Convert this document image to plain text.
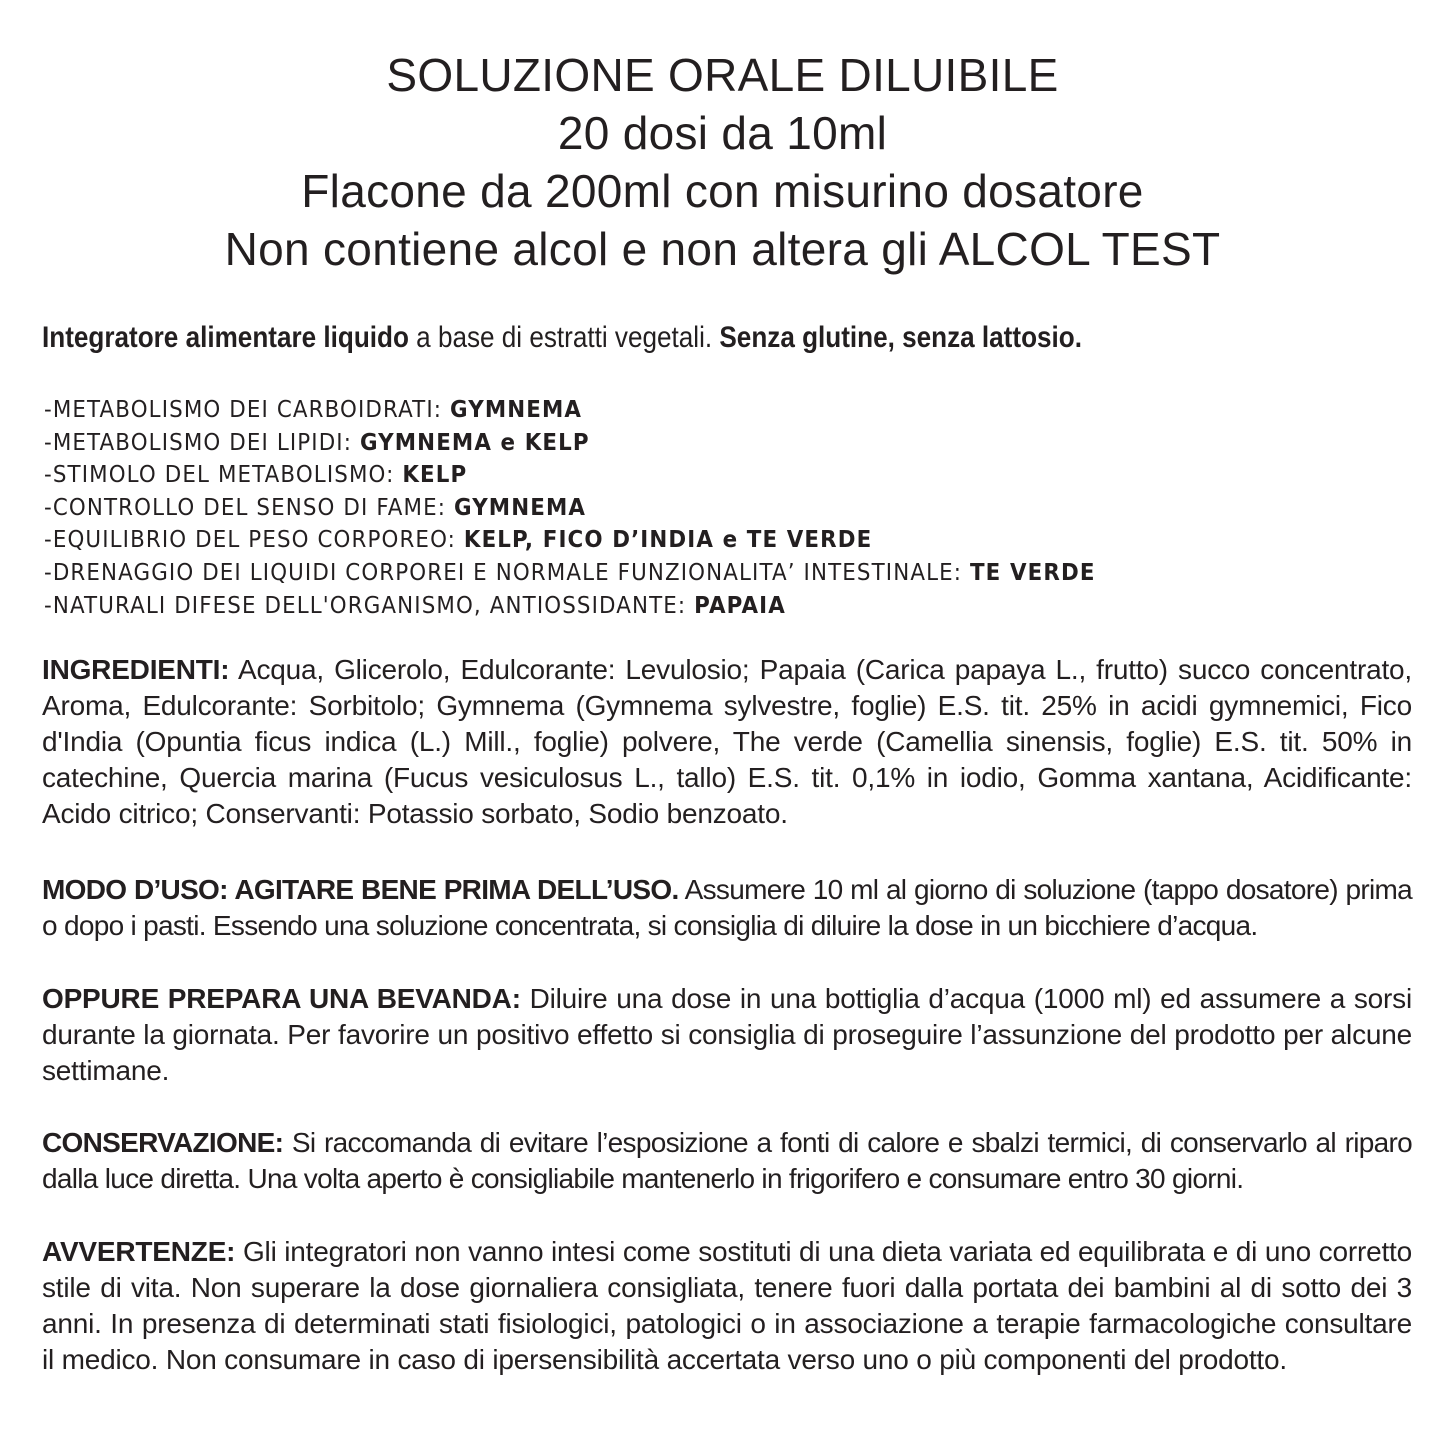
SOLUZIONE ORALE DILUIBILE
20 dosi da 10ml
Flacone da 200ml con misurino dosatore
Non contiene alcol e non altera gli ALCOL TEST
Integratore alimentare liquido a base di estratti vegetali. Senza glutine, senza lattosio.
-METABOLISMO DEI CARBOIDRATI: GYMNEMA
-METABOLISMO DEI LIPIDI: GYMNEMA e KELP
-STIMOLO DEL METABOLISMO: KELP
-CONTROLLO DEL SENSO DI FAME: GYMNEMA
-EQUILIBRIO DEL PESO CORPOREO: KELP, FICO D’INDIA e TE VERDE
-DRENAGGIO DEI LIQUIDI CORPOREI E NORMALE FUNZIONALITA’ INTESTINALE: TE VERDE
-NATURALI DIFESE DELL'ORGANISMO, ANTIOSSIDANTE: PAPAIA
INGREDIENTI: Acqua, Glicerolo, Edulcorante: Levulosio; Papaia (Carica papaya L., frutto) succo concentrato, Aroma, Edulcorante: Sorbitolo; Gymnema (Gymnema sylvestre, foglie) E.S. tit. 25% in acidi gymnemici, Fico d'India (Opuntia ficus indica (L.) Mill., foglie) polvere, The verde (Camellia sinensis, foglie) E.S. tit. 50% in catechine, Quercia marina (Fucus vesiculosus L., tallo) E.S. tit. 0,1% in iodio, Gomma xantana, Acidificante: Acido citrico; Conservanti: Potassio sorbato, Sodio benzoato.
MODO D’USO: AGITARE BENE PRIMA DELL’USO. Assumere 10 ml al giorno di soluzione (tappo dosatore) prima o dopo i pasti. Essendo una soluzione concentrata, si consiglia di diluire la dose in un bicchiere d’acqua.
OPPURE PREPARA UNA BEVANDA: Diluire una dose in una bottiglia d’acqua (1000 ml) ed assumere a sorsi durante la giornata. Per favorire un positivo effetto si consiglia di proseguire l’assunzione del prodotto per alcune settimane.
CONSERVAZIONE: Si raccomanda di evitare l’esposizione a fonti di calore e sbalzi termici, di conservarlo al riparo dalla luce diretta. Una volta aperto è consigliabile mantenerlo in frigorifero e consumare entro 30 giorni.
AVVERTENZE: Gli integratori non vanno intesi come sostituti di una dieta variata ed equilibrata e di uno corretto stile di vita. Non superare la dose giornaliera consigliata, tenere fuori dalla portata dei bambini al di sotto dei 3 anni. In presenza di determinati stati fisiologici, patologici o in associazione a terapie farmacologiche consultare il medico. Non consumare in caso di ipersensibilità accertata verso uno o più componenti del prodotto.
